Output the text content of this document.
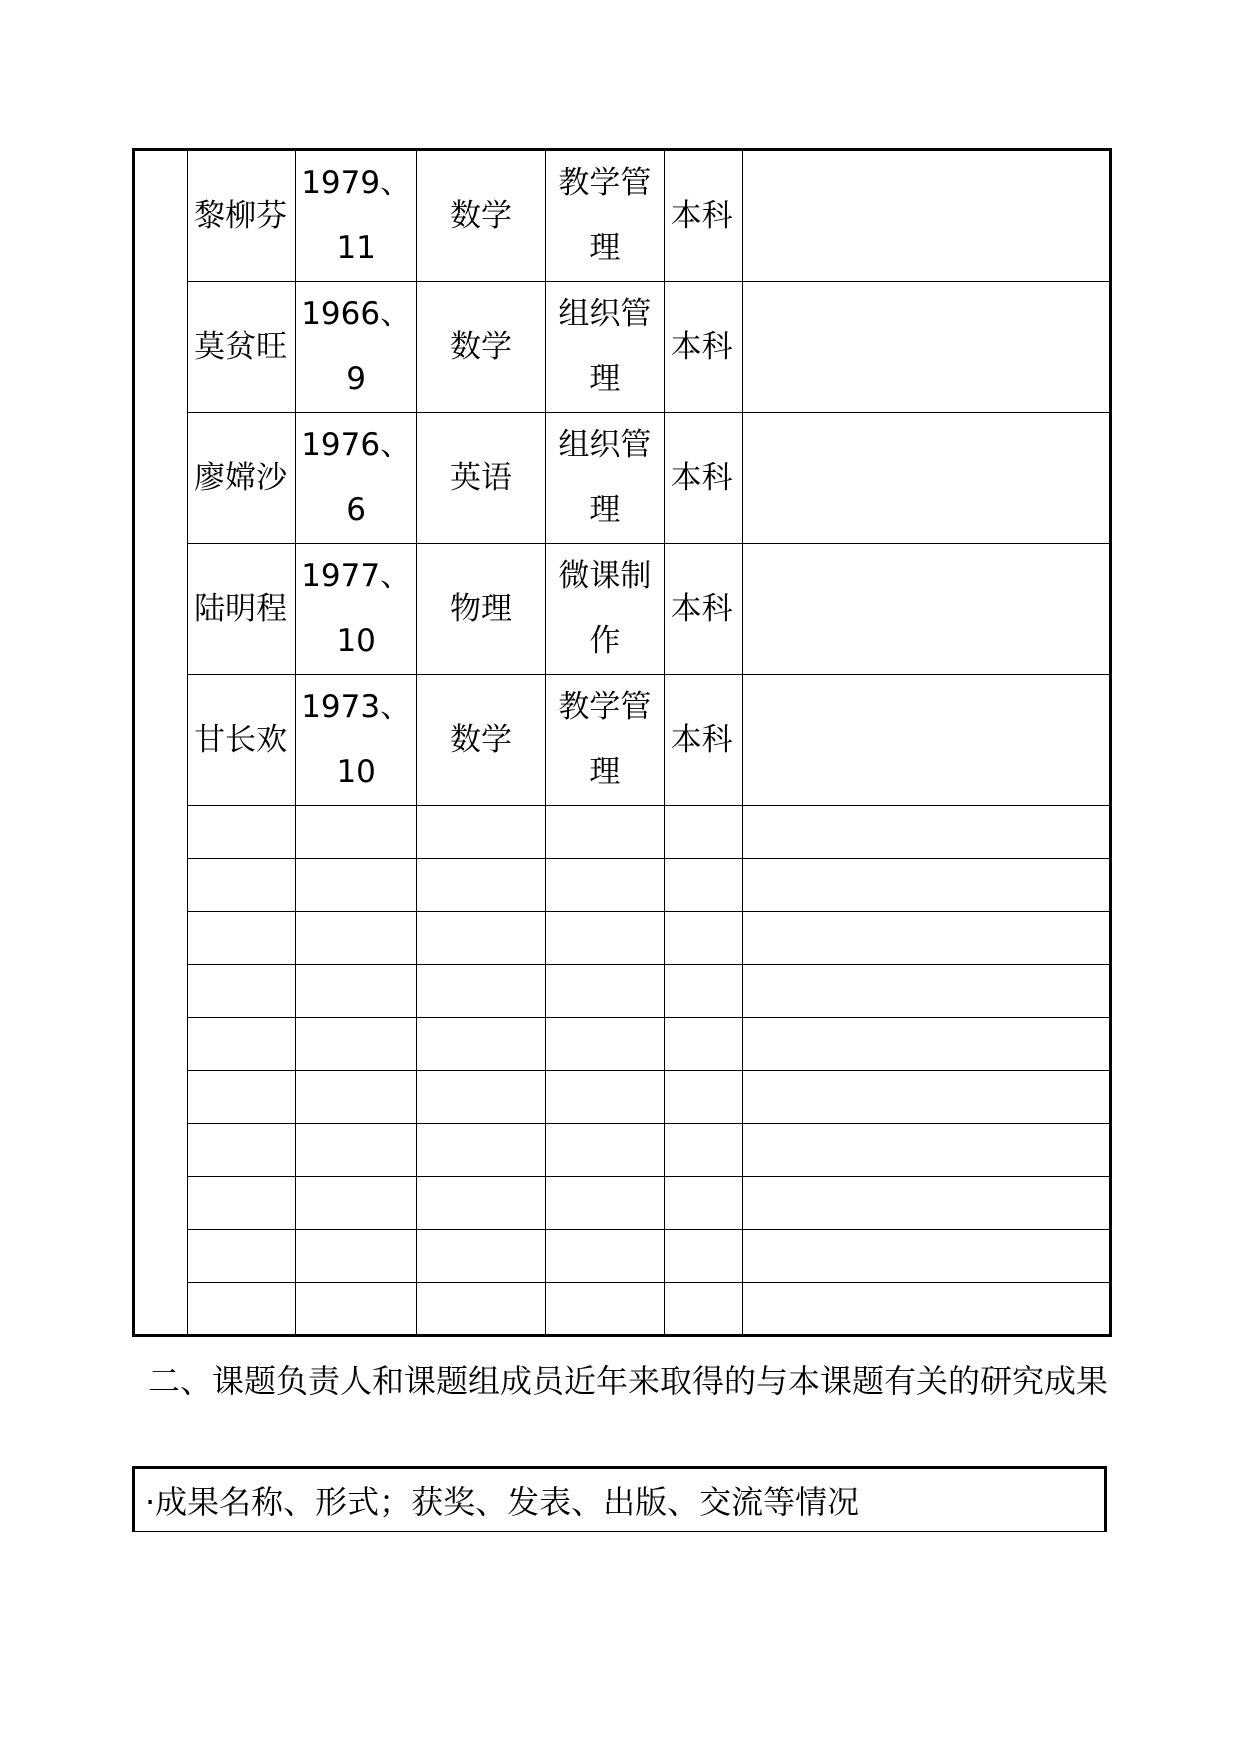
	黎柳芬	1979、11	数学	教学管理	本科	
	莫贫旺	1966、9	数学	组织管理	本科	
	廖嫦沙	1976、6	英语	组织管理	本科	
	陆明程	1977、10	物理	微课制作	本科	
	甘长欢	1973、10	数学	教学管理	本科	

二、课题负责人和课题组成员近年来取得的与本课题有关的研究成果
·成果名称、形式；获奖、发表、出版、交流等情况
